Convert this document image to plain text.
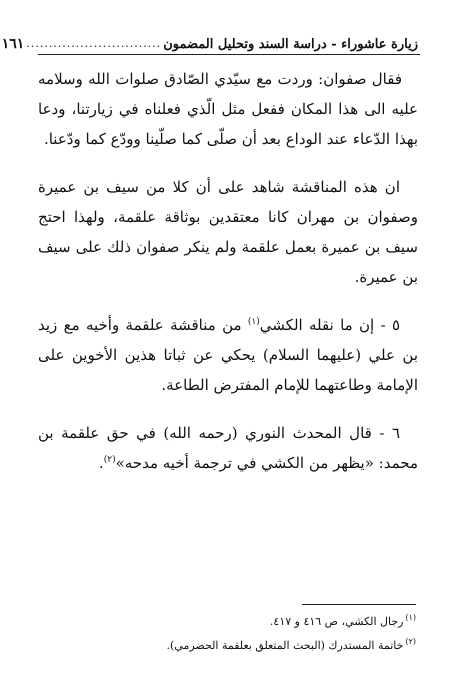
زيارة عاشوراء - دراسة السند وتحليل المضمون
..............................
١٦١

فقال صفوان: وردت مع سيّدي الصّادق صلوات الله وسلامه عليه الى هذا المكان ففعل مثل الّذي فعلناه في زيارتنا، ودعا بهذا الدّعاء عند الوداع بعد أن صلّى كما صلّينا وودّع كما ودّعنا.

ان هذه المناقشة شاهد على أن كلا من سيف بن عميرة وصفوان بن مهران كانا معتقدين بوثاقة علقمة، ولهذا احتج سيف بن عميرة بعمل علقمة ولم ينكر صفوان ذلك على سيف بن عميرة.

٥ - إن ما نقله الكشي$^{(١)}$ من مناقشة علقمة وأخيه مع زيد بن علي (عليهما السلام) يحكي عن ثباتا هذين الأخوين على الإمامة وطاعتهما للإمام المفترض الطاعة.

٦ - قال المحدث النوري (رحمه الله) في حق علقمة بن محمد: «يظهر من الكشي في ترجمة أخيه مدحه»$^{(٢)}$.

$^{(١)}$رجال الكشي، ص ٤١٦ و ٤١٧.

$^{(٢)}$خاتمة المستدرك (البحث المتعلق بعلقمة الحضرمي).
